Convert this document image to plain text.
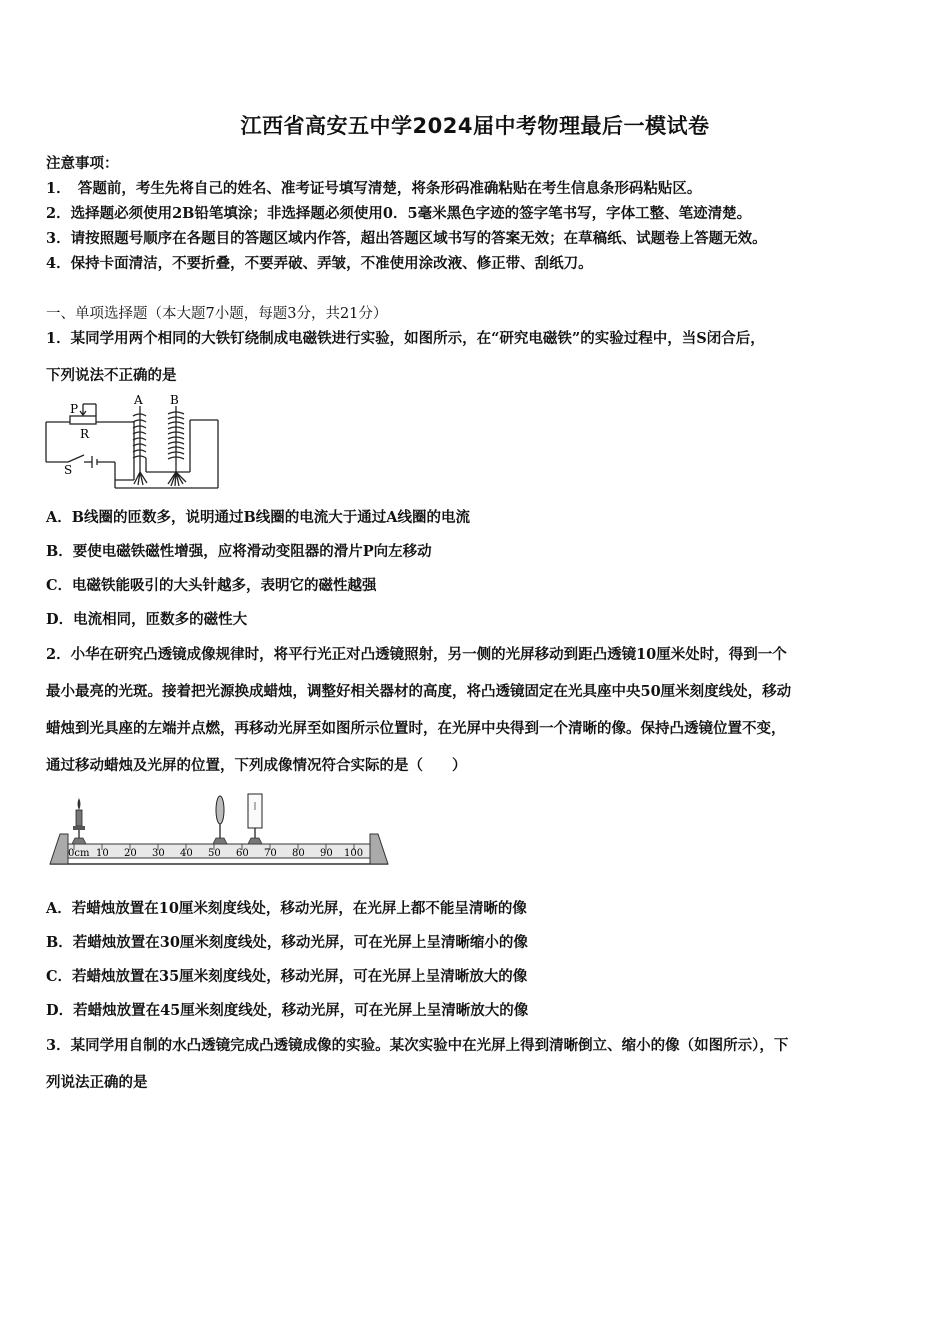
江西省高安五中学2024届中考物理最后一模试卷
注意事项：
1．　答题前，考生先将自己的姓名、准考证号填写清楚，将条形码准确粘贴在考生信息条形码粘贴区。
2．选择题必须使用2B铅笔填涂；非选择题必须使用0．5毫米黑色字迹的签字笔书写，字体工整、笔迹清楚。
3．请按照题号顺序在各题目的答题区域内作答，超出答题区域书写的答案无效；在草稿纸、试题卷上答题无效。
4．保持卡面清洁，不要折叠，不要弄破、弄皱，不准使用涂改液、修正带、刮纸刀。
一、单项选择题（本大题7小题，每题3分，共21分）
1．某同学用两个相同的大铁钉绕制成电磁铁进行实验，如图所示，在“研究电磁铁”的实验过程中，当S闭合后，
下列说法不正确的是
P
R
S
A B
A．B线圈的匝数多，说明通过B线圈的电流大于通过A线圈的电流
B．要使电磁铁磁性增强，应将滑动变阻器的滑片P向左移动
C．电磁铁能吸引的大头针越多，表明它的磁性越强
D．电流相同，匝数多的磁性大
2．小华在研究凸透镜成像规律时，将平行光正对凸透镜照射，另一侧的光屏移动到距凸透镜10厘米处时，得到一个
最小最亮的光斑。接着把光源换成蜡烛，调整好相关器材的高度，将凸透镜固定在光具座中央50厘米刻度线处，移动
蜡烛到光具座的左端并点燃，再移动光屏至如图所示位置时，在光屏中央得到一个清晰的像。保持凸透镜位置不变，
通过移动蜡烛及光屏的位置，下列成像情况符合实际的是（　　）
0cm 10 20 30 40 50 60 70 80 90 100
A．若蜡烛放置在10厘米刻度线处，移动光屏，在光屏上都不能呈清晰的像
B．若蜡烛放置在30厘米刻度线处，移动光屏，可在光屏上呈清晰缩小的像
C．若蜡烛放置在35厘米刻度线处，移动光屏，可在光屏上呈清晰放大的像
D．若蜡烛放置在45厘米刻度线处，移动光屏，可在光屏上呈清晰放大的像
3．某同学用自制的水凸透镜完成凸透镜成像的实验。某次实验中在光屏上得到清晰倒立、缩小的像（如图所示），下
列说法正确的是
